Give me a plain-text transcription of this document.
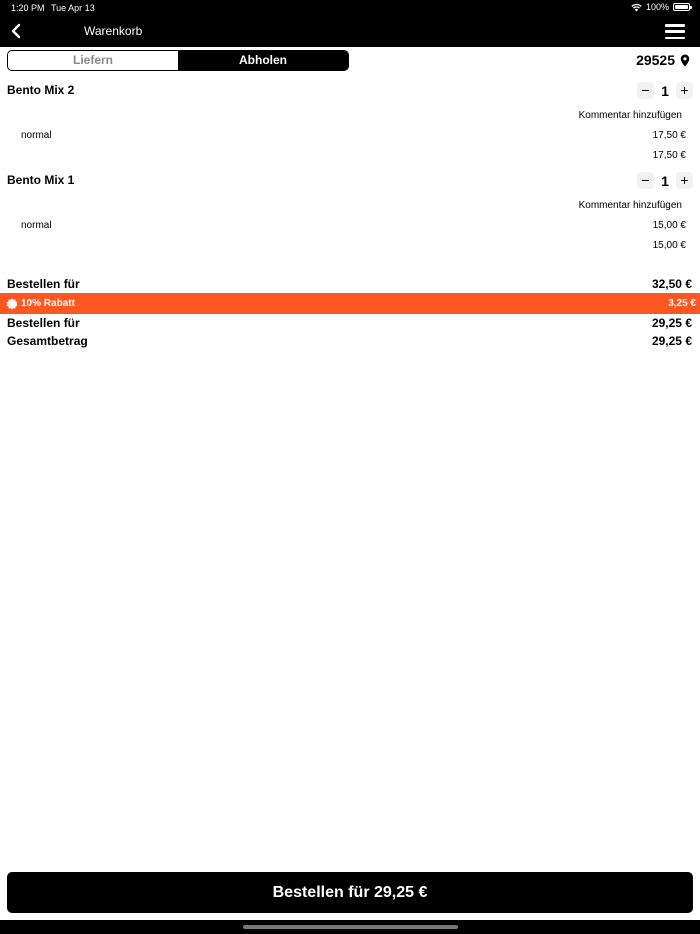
1:20 PM Tue Apr 13	100%
Warenkorb
Liefern	Abholen	29525
Bento Mix 2	− 1 +
Kommentar hinzufügen
normal	17,50 €
17,50 €
Bento Mix 1	− 1 +
Kommentar hinzufügen
normal	15,00 €
15,00 €
Bestellen für	32,50 €
10% Rabatt	3,25 €
Bestellen für	29,25 €
Gesamtbetrag	29,25 €
Bestellen für 29,25 €
